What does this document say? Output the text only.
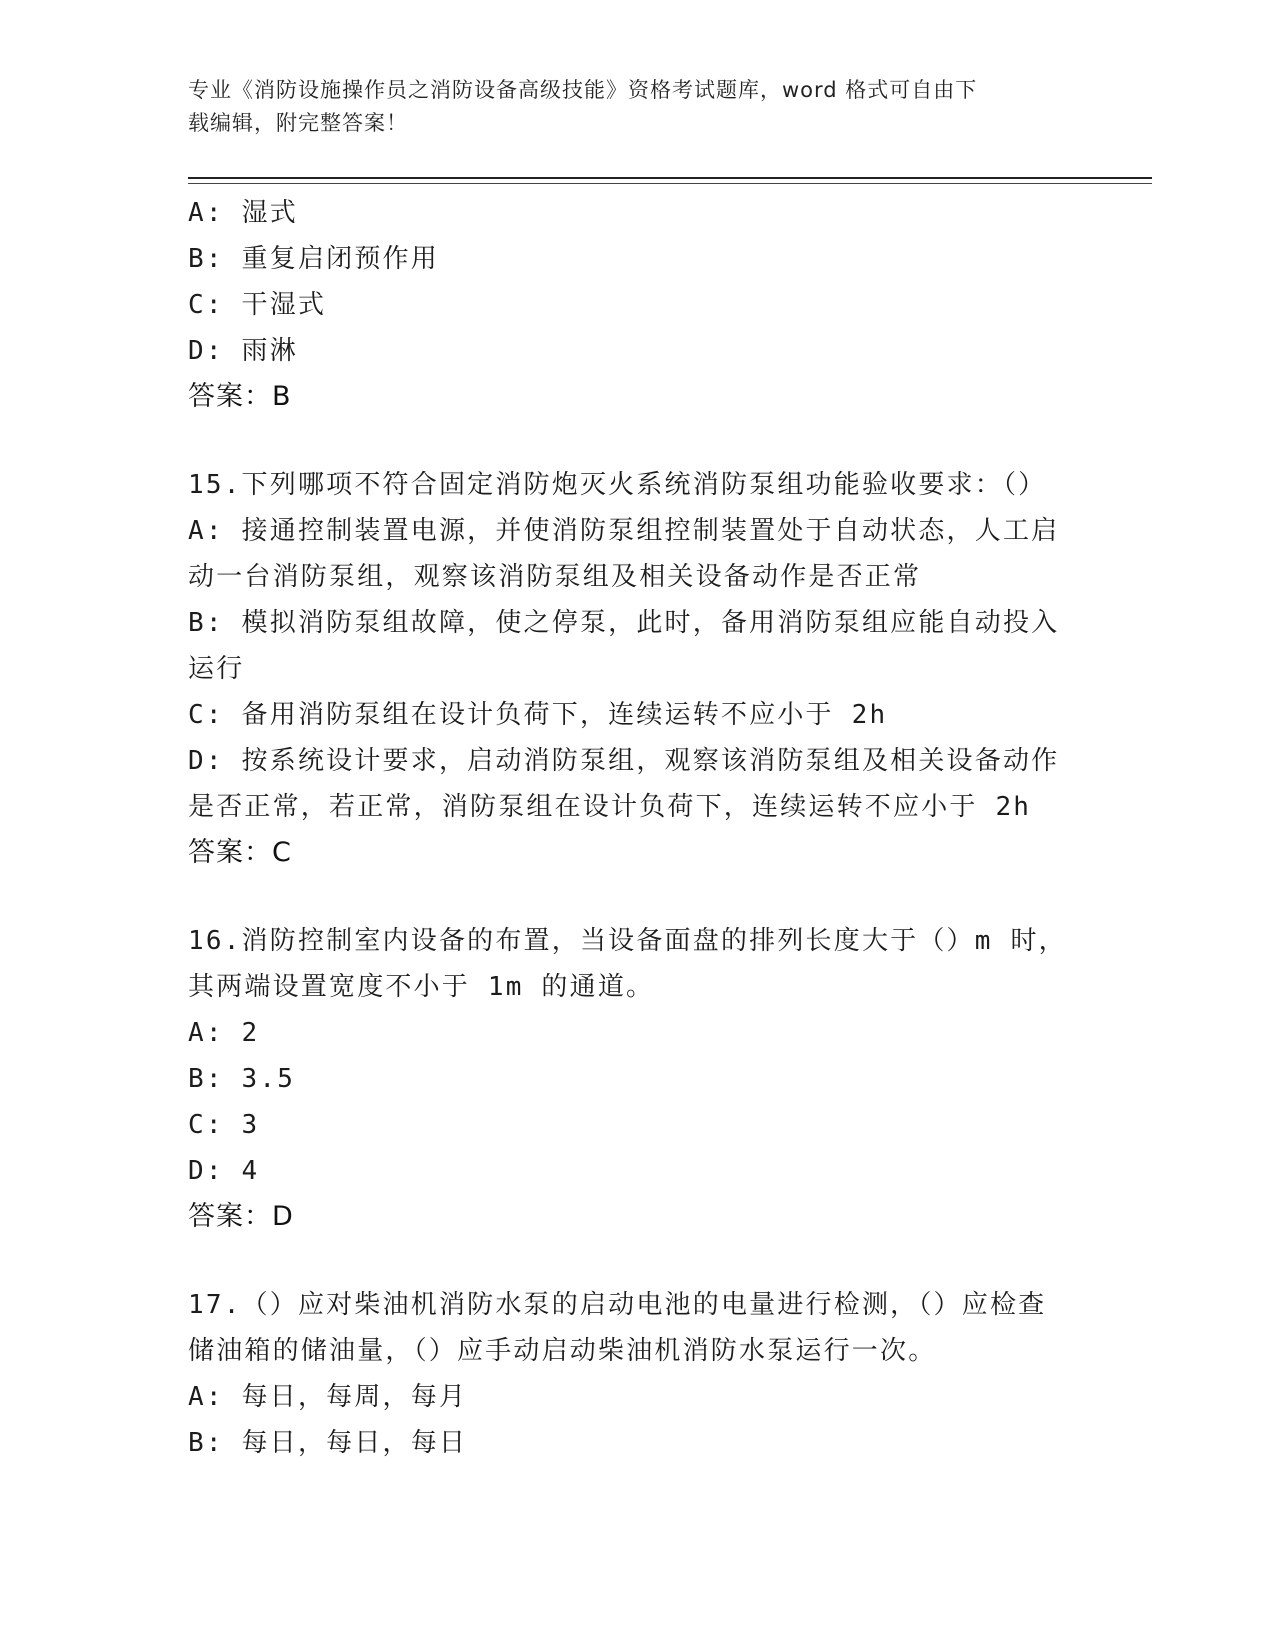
专业《消防设施操作员之消防设备高级技能》资格考试题库，word 格式可自由下
载编辑，附完整答案！
A: 湿式
B: 重复启闭预作用
C: 干湿式
D: 雨淋
答案：B
15.下列哪项不符合固定消防炮灭火系统消防泵组功能验收要求：（）
A: 接通控制装置电源，并使消防泵组控制装置处于自动状态，人工启
动一台消防泵组，观察该消防泵组及相关设备动作是否正常
B: 模拟消防泵组故障，使之停泵，此时，备用消防泵组应能自动投入
运行
C: 备用消防泵组在设计负荷下，连续运转不应小于 2h
D: 按系统设计要求，启动消防泵组，观察该消防泵组及相关设备动作
是否正常，若正常，消防泵组在设计负荷下，连续运转不应小于 2h
答案：C
16.消防控制室内设备的布置，当设备面盘的排列长度大于（）m 时，
其两端设置宽度不小于 1m 的通道。
A: 2
B: 3.5
C: 3
D: 4
答案：D
17.（）应对柴油机消防水泵的启动电池的电量进行检测，（）应检查
储油箱的储油量，（）应手动启动柴油机消防水泵运行一次。
A: 每日，每周，每月
B: 每日，每日，每日
